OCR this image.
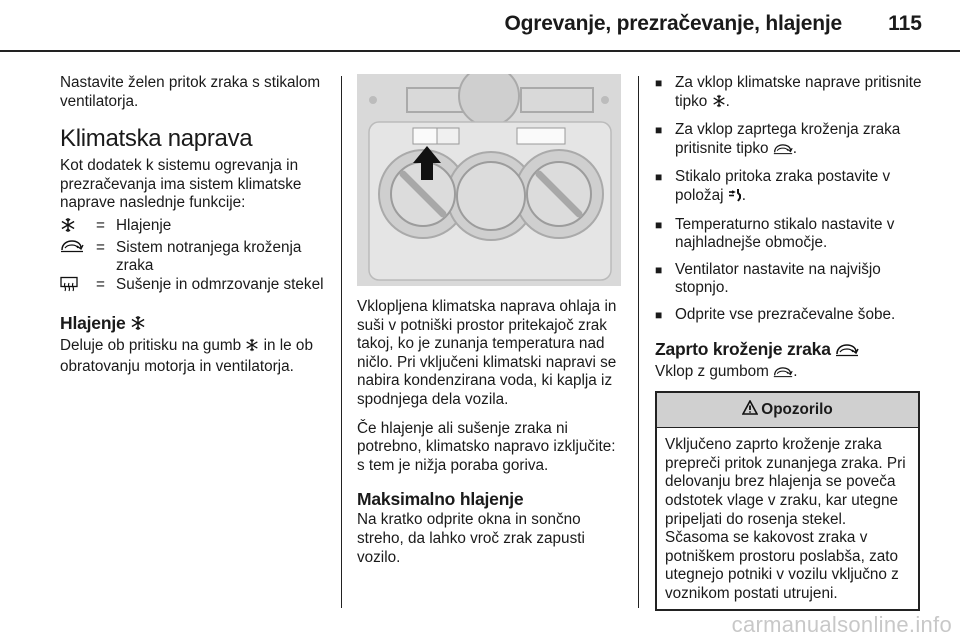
Ogrevanje, prezračevanje, hlajenje 115

Nastavite želen pritok zraka s stikalom ventilatorja.

Klimatska naprava

Kot dodatek k sistemu ogrevanja in prezračevanja ima sistem klimatske naprave naslednje funkcije:

= Hlajenje
= Sistem notranjega kroženja zraka
= Sušenje in odmrzovanje stekel
Hlajenje

Deluje ob pritisku na gumb in le ob obratovanju motorja in ventilatorja.

Vklopljena klimatska naprava ohlaja in suši v potniški prostor pritekajoč zrak takoj, ko je zunanja temperatura nad ničlo. Pri vključeni klimatski napravi se nabira kondenzirana voda, ki kaplja iz spodnjega dela vozila.

Če hlajenje ali sušenje zraka ni potrebno, klimatsko napravo izključite: s tem je nižja poraba goriva.

Maksimalno hlajenje

Na kratko odprite okna in sončno streho, da lahko vroč zrak zapusti vozilo.

■ Za vklop klimatske naprave pritisnite tipko .
■ Za vklop zaprtega kroženja zraka pritisnite tipko .
■ Stikalo pritoka zraka postavite v položaj .
■ Temperaturno stikalo nastavite v najhladnejše območje.
■ Ventilator nastavite na najvišjo stopnjo.
■ Odprite vse prezračevalne šobe.
Zaprto kroženje zraka

Vklop z gumbom .

Opozorilo
Vključeno zaprto kroženje zraka prepreči pritok zunanjega zraka. Pri delovanju brez hlajenja se poveča odstotek vlage v zraku, kar utegne pripeljati do rosenja stekel. Sčasoma se kakovost zraka v potniškem prostoru poslabša, zato utegnejo potniki v vozilu vključno z voznikom postati utrujeni.
carmanualsonline.info
